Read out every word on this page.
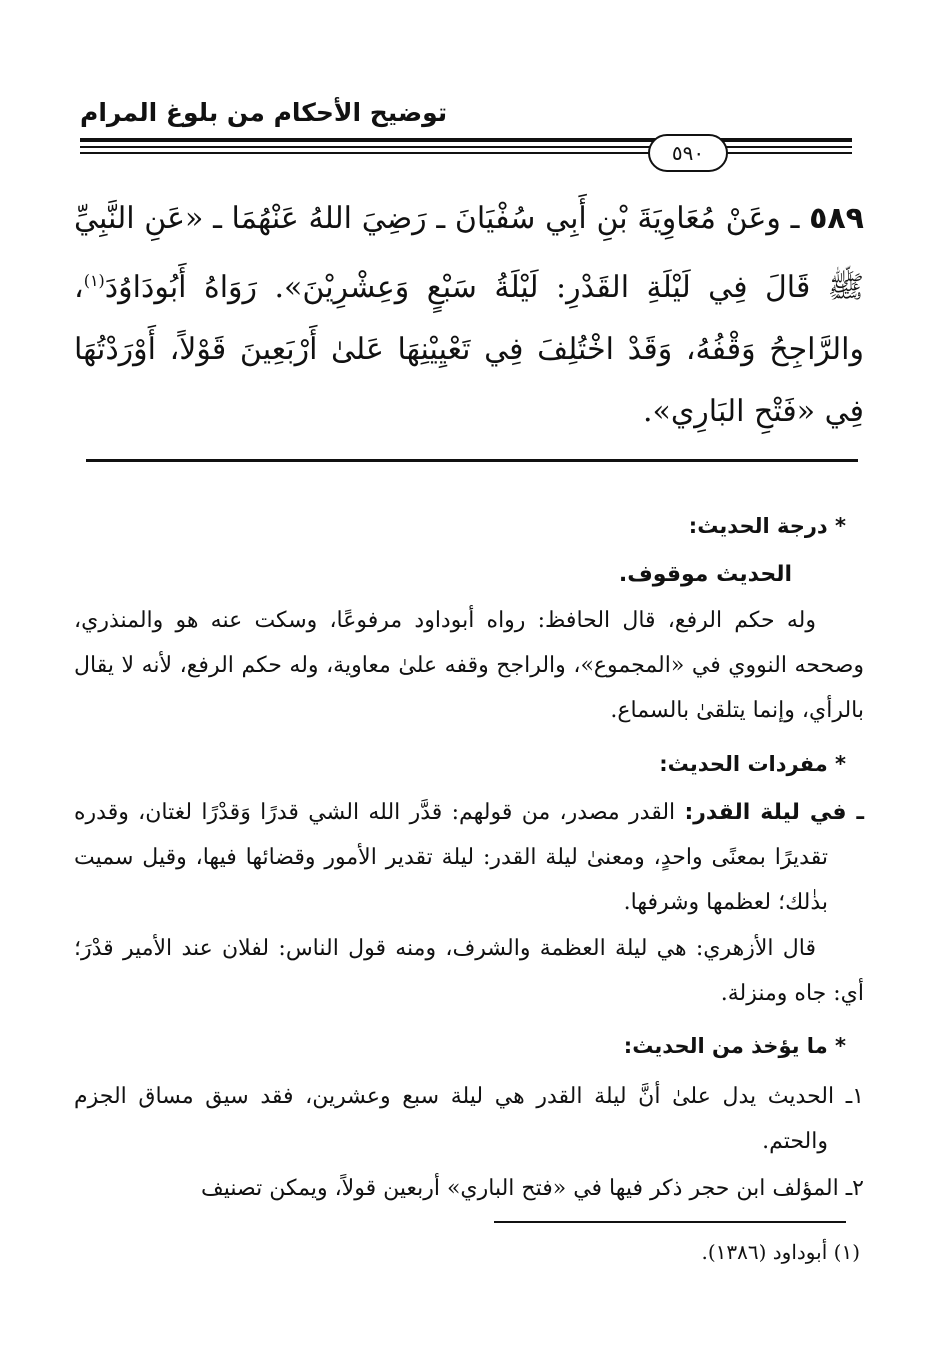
توضيح الأحكام من بلوغ المرام
٥٩٠
٥٨٩ ـ وعَنْ مُعَاوِيَةَ بْنِ أَبِي سُفْيَانَ ـ رَضِيَ اللهُ عَنْهُمَا ـ «عَنِ النَّبِيِّ ﷺ قَالَ فِي لَيْلَةِ القَدْرِ: لَيْلَةُ سَبْعٍ وَعِشْرِيْنَ». رَوَاهُ أَبُودَاوُدَ$^{(١)}$، والرَّاجِحُ وَقْفُهُ، وَقَدْ اخْتُلِفَ فِي تَعْيِيْنِهَا عَلىٰ أَرْبَعِينَ قَوْلاً، أَوْرَدْتُهَا فِي «فَتْحِ البَارِي».
* درجة الحديث:
الحديث موقوف.
وله حكم الرفع، قال الحافظ: رواه أبوداود مرفوعًا، وسكت عنه هو والمنذري، وصححه النووي في «المجموع»، والراجح وقفه علىٰ معاوية، وله حكم الرفع، لأنه لا يقال بالرأي، وإنما يتلقىٰ بالسماع.
* مفردات الحديث:
ـ في ليلة القدر: القدر مصدر، من قولهم: قدَّر الله الشي قدرًا وَقدْرًا لغتان، وقدره تقديرًا بمعنًى واحدٍ، ومعنىٰ ليلة القدر: ليلة تقدير الأمور وقضائها فيها، وقيل سميت بذٰلك؛ لعظمها وشرفها.
قال الأزهري: هي ليلة العظمة والشرف، ومنه قول الناس: لفلان عند الأمير قدْرَ؛ أي: جاه ومنزلة.
* ما يؤخذ من الحديث:
١ـ الحديث يدل علىٰ أنَّ ليلة القدر هي ليلة سبع وعشرين، فقد سيق مساق الجزم والحتم.
٢ـ المؤلف ابن حجر ذكر فيها في «فتح الباري» أربعين قولاً، ويمكن تصنيف
(١) أبوداود (١٣٨٦).
